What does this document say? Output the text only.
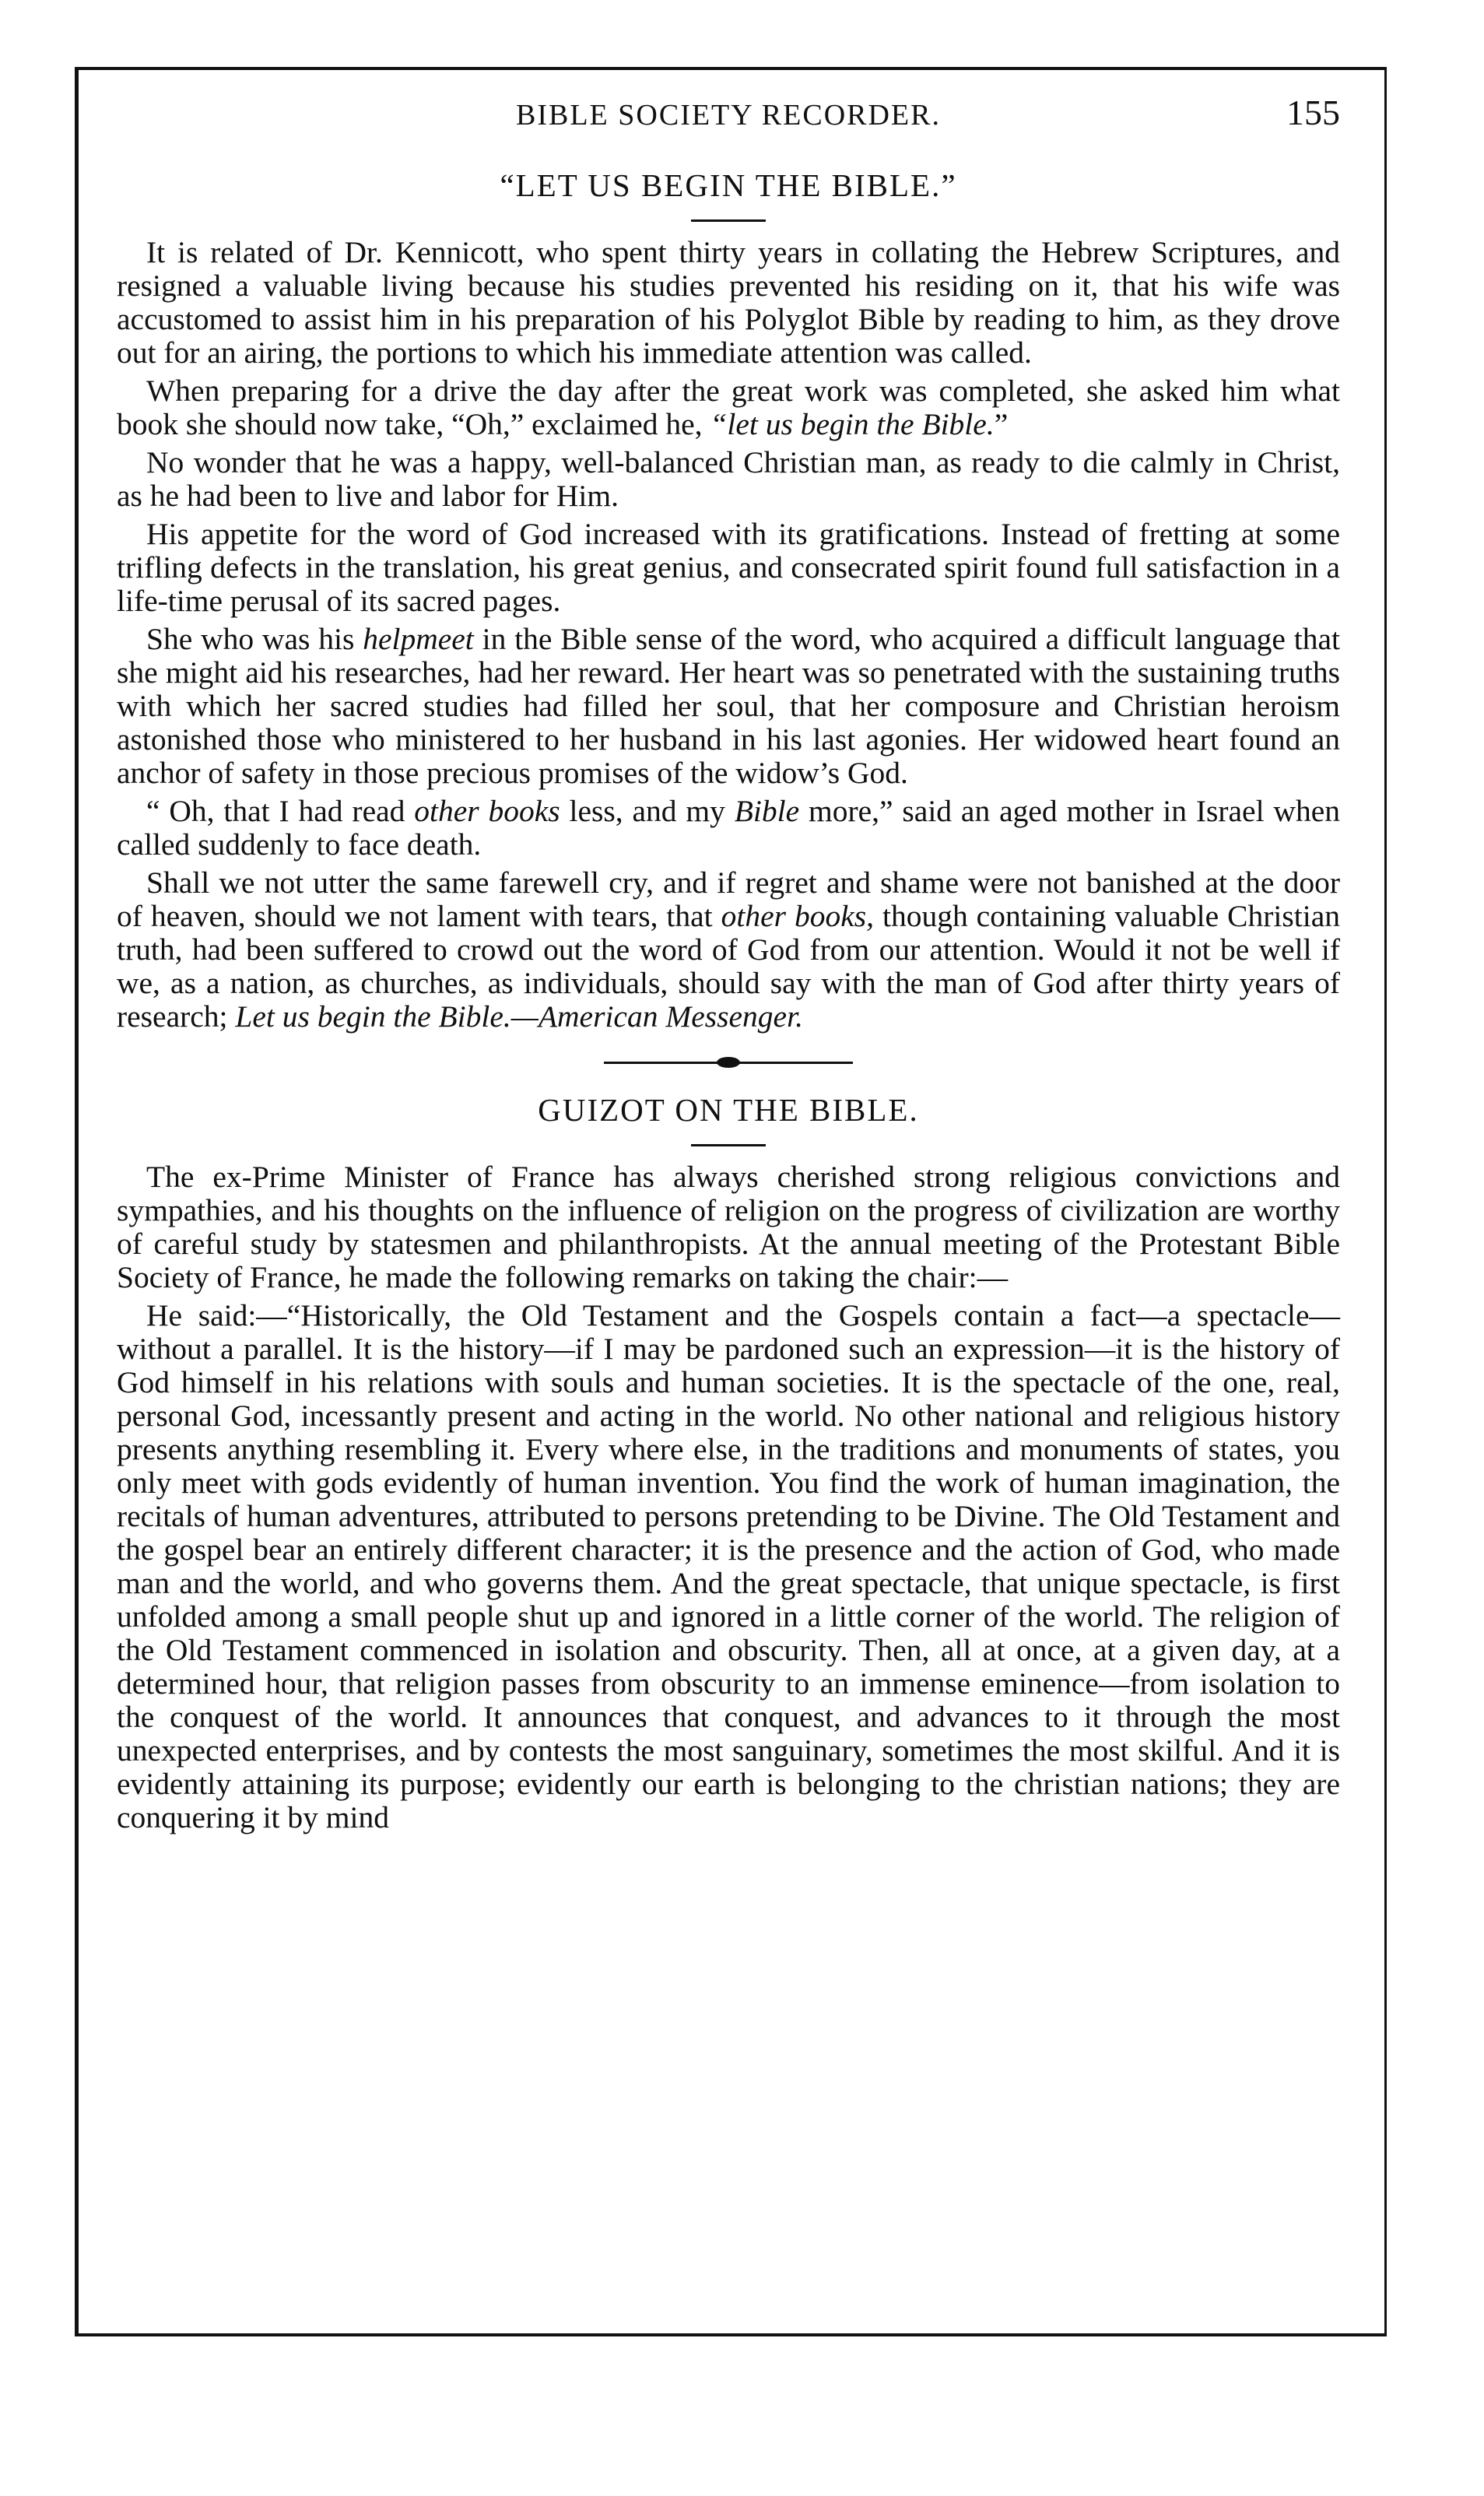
BIBLE SOCIETY RECORDER.	155
“LET US BEGIN THE BIBLE.”

It is related of Dr. Kennicott, who spent thirty years in collating the Hebrew Scriptures, and resigned a valuable living because his studies prevented his residing on it, that his wife was accustomed to assist him in his preparation of his Polyglot Bible by reading to him, as they drove out for an airing, the portions to which his immediate attention was called.

When preparing for a drive the day after the great work was completed, she asked him what book she should now take, “Oh,” exclaimed he, “let us begin the Bible.”

No wonder that he was a happy, well-balanced Christian man, as ready to die calmly in Christ, as he had been to live and labor for Him.

His appetite for the word of God increased with its gratifications. Instead of fretting at some trifling defects in the translation, his great genius, and consecrated spirit found full satisfaction in a life-time perusal of its sacred pages.

She who was his helpmeet in the Bible sense of the word, who acquired a difficult language that she might aid his researches, had her reward. Her heart was so penetrated with the sustaining truths with which her sacred studies had filled her soul, that her composure and Christian heroism astonished those who ministered to her husband in his last agonies. Her widowed heart found an anchor of safety in those precious promises of the widow’s God.

“ Oh, that I had read other books less, and my Bible more,” said an aged mother in Israel when called suddenly to face death.

Shall we not utter the same farewell cry, and if regret and shame were not banished at the door of heaven, should we not lament with tears, that other books, though containing valuable Christian truth, had been suffered to crowd out the word of God from our attention. Would it not be well if we, as a nation, as churches, as individuals, should say with the man of God after thirty years of research; Let us begin the Bible.—American Messenger.

GUIZOT ON THE BIBLE.

The ex-Prime Minister of France has always cherished strong religious convictions and sympathies, and his thoughts on the influence of religion on the progress of civilization are worthy of careful study by statesmen and philanthropists. At the annual meeting of the Protestant Bible Society of France, he made the following remarks on taking the chair:—

He said:—“Historically, the Old Testament and the Gospels contain a fact—a spectacle—without a parallel. It is the history—if I may be pardoned such an expression—it is the history of God himself in his relations with souls and human societies. It is the spectacle of the one, real, personal God, incessantly present and acting in the world. No other national and religious history presents anything resembling it. Every where else, in the traditions and monuments of states, you only meet with gods evidently of human invention. You find the work of human imagination, the recitals of human adventures, attributed to persons pretending to be Divine. The Old Testament and the gospel bear an entirely different character; it is the presence and the action of God, who made man and the world, and who governs them. And the great spectacle, that unique spectacle, is first unfolded among a small people shut up and ignored in a little corner of the world. The religion of the Old Testament commenced in isolation and obscurity. Then, all at once, at a given day, at a determined hour, that religion passes from obscurity to an immense eminence—from isolation to the conquest of the world. It announces that conquest, and advances to it through the most unexpected enterprises, and by contests the most sanguinary, sometimes the most skilful. And it is evidently attaining its purpose; evidently our earth is belonging to the christian nations; they are conquering it by mind
